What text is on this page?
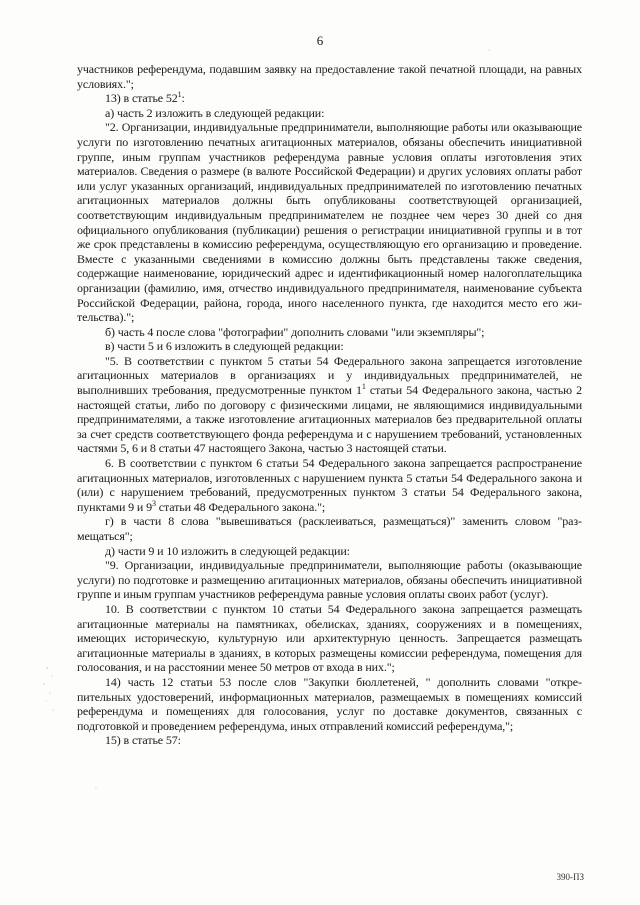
6

участников референдума, подавшим заявку на предоставление такой печатной площади, на равных условиях.";

13) в статье $52^1$:

а) часть 2 изложить в следующей редакции:

"2. Организации, индивидуальные предприниматели, выполняющие работы или оказывающие услуги по изготовлению печатных агитационных материалов, обязаны обеспечить инициативной группе, иным группам участников референдума равные условия оплаты изготовления этих материалов. Сведения о размере (в валюте Российской Федерации) и других условиях оплаты работ или услуг указанных организаций, индивидуальных предпринимателей по изготовлению печатных агитационных материалов должны быть опубликованы соответствующей организацией, соответствующим индивидуальным предпринимателем не позднее чем через 30 дней со дня официального опубликования (публикации) решения о регистрации инициативной группы и в тот же срок представлены в комиссию референдума, осуществляющую его организацию и проведение. Вместе с указанными сведениями в комиссию должны быть представлены также сведения, содержащие наименование, юридический адрес и идентификационный номер налогоплательщика организации (фамилию, имя, отчество индивидуального предпринимателя, наименование субъекта Российской Федерации, района, города, иного населенного пункта, где находится место его жительства).";

б) часть 4 после слова "фотографии" дополнить словами "или экземпляры";

в) части 5 и 6 изложить в следующей редакции:

"5. В соответствии с пунктом 5 статьи 54 Федерального закона запрещается изготовление агитационных материалов в организациях и у индивидуальных предпринимателей, не выполнивших требования, предусмотренные пунктом $1^1$ статьи 54 Федерального закона, частью 2 настоящей статьи, либо по договору с физическими лицами, не являющимися индивидуальными предпринимателями, а также изготовление агитационных материалов без предварительной оплаты за счет средств соответствующего фонда референдума и с нарушением требований, установленных частями 5, 6 и 8 статьи 47 настоящего Закона, частью 3 настоящей статьи.

6. В соответствии с пунктом 6 статьи 54 Федерального закона запрещается распространение агитационных материалов, изготовленных с нарушением пункта 5 статьи 54 Федерального закона и (или) с нарушением требований, предусмотренных пунктом 3 статьи 54 Федерального закона, пунктами 9 и $9^3$ статьи 48 Федерального закона.";

г) в части 8 слова "вывешиваться (расклеиваться, размещаться)" заменить словом "размещаться";

д) части 9 и 10 изложить в следующей редакции:

"9. Организации, индивидуальные предприниматели, выполняющие работы (оказывающие услуги) по подготовке и размещению агитационных материалов, обязаны обеспечить инициативной группе и иным группам участников референдума равные условия оплаты своих работ (услуг).

10. В соответствии с пунктом 10 статьи 54 Федерального закона запрещается размещать агитационные материалы на памятниках, обелисках, зданиях, сооружениях и в помещениях, имеющих историческую, культурную или архитектурную ценность. Запрещается размещать агитационные материалы в зданиях, в которых размещены комиссии референдума, помещения для голосования, и на расстоянии менее 50 метров от входа в них.";

14) часть 12 статьи 53 после слов "Закупки бюллетеней, " дополнить словами "открепительных удостоверений, информационных материалов, размещаемых в помещениях комиссий референдума и помещениях для голосования, услуг по доставке документов, связанных с подготовкой и проведением референдума, иных отправлений комиссий референдума,";

15) в статье 57:

390-ПЗ
